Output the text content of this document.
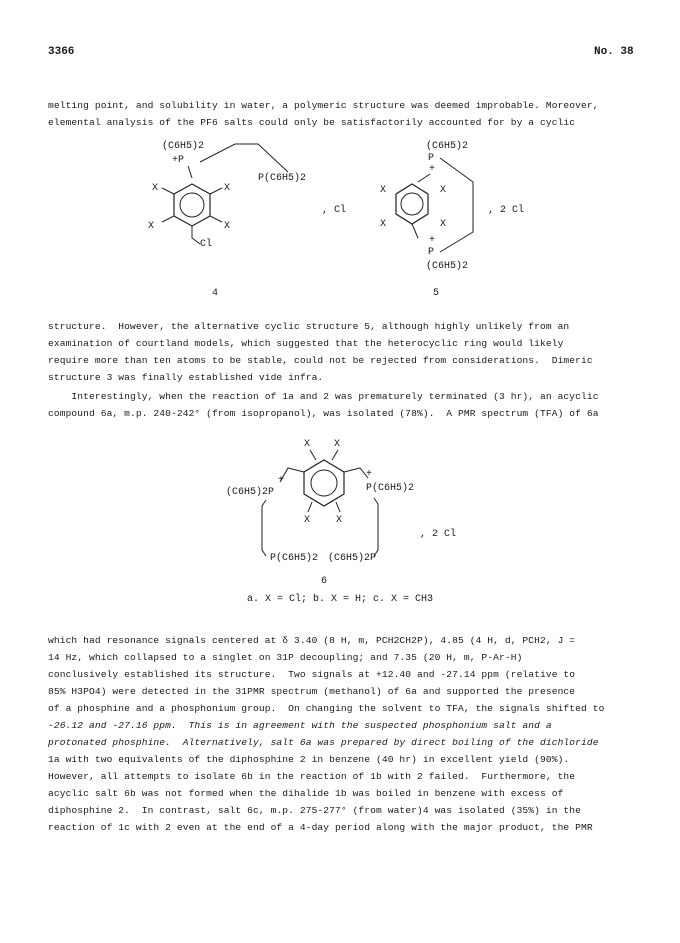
3366	No. 38
melting point, and solubility in water, a polymeric structure was deemed improbable. Moreover,
elemental analysis of the PF6 salts could only be satisfactorily accounted for by a cyclic
(C6H5)2
+P
P(C6H5)2
X	X
X	X
Cl
, Cl
(C6H5)2
P
+
X	X
X	X
+
P
(C6H5)2
, 2 Cl
4	5
structure.  However, the alternative cyclic structure 5, although highly unlikely from an
examination of courtland models, which suggested that the heterocyclic ring would likely
require more than ten atoms to be stable, could not be rejected from considerations.  Dimeric
structure 3 was finally established vide infra.
Interestingly, when the reaction of 1a and 2 was prematurely terminated (3 hr), an acyclic
compound 6a, m.p. 240-242° (from isopropanol), was isolated (78%).  A PMR spectrum (TFA) of 6a
X X
X	X
+
+
(C6H5)2P	P(C6H5)2
P(C6H5)2 (C6H5)2P
, 2 Cl
6
a. X = Cl; b. X = H; c. X = CH3
which had resonance signals centered at δ 3.40 (8 H, m, PCH2CH2P), 4.85 (4 H, d, PCH2, J =
14 Hz, which collapsed to a singlet on 31P decoupling; and 7.35 (20 H, m, P-Ar-H)
conclusively established its structure.  Two signals at +12.40 and -27.14 ppm (relative to
85% H3PO4) were detected in the 31PMR spectrum (methanol) of 6a and supported the presence
of a phosphine and a phosphonium group.  On changing the solvent to TFA, the signals shifted to
-26.12 and -27.16 ppm.  This is in agreement with the suspected phosphonium salt and a
protonated phosphine.  Alternatively, salt 6a was prepared by direct boiling of the dichloride
1a with two equivalents of the diphosphine 2 in benzene (40 hr) in excellent yield (90%).
However, all attempts to isolate 6b in the reaction of 1b with 2 failed.  Furthermore, the
acyclic salt 6b was not formed when the dihalide 1b was boiled in benzene with excess of
diphosphine 2.  In contrast, salt 6c, m.p. 275-277° (from water)4 was isolated (35%) in the
reaction of 1c with 2 even at the end of a 4-day period along with the major product, the PMR
